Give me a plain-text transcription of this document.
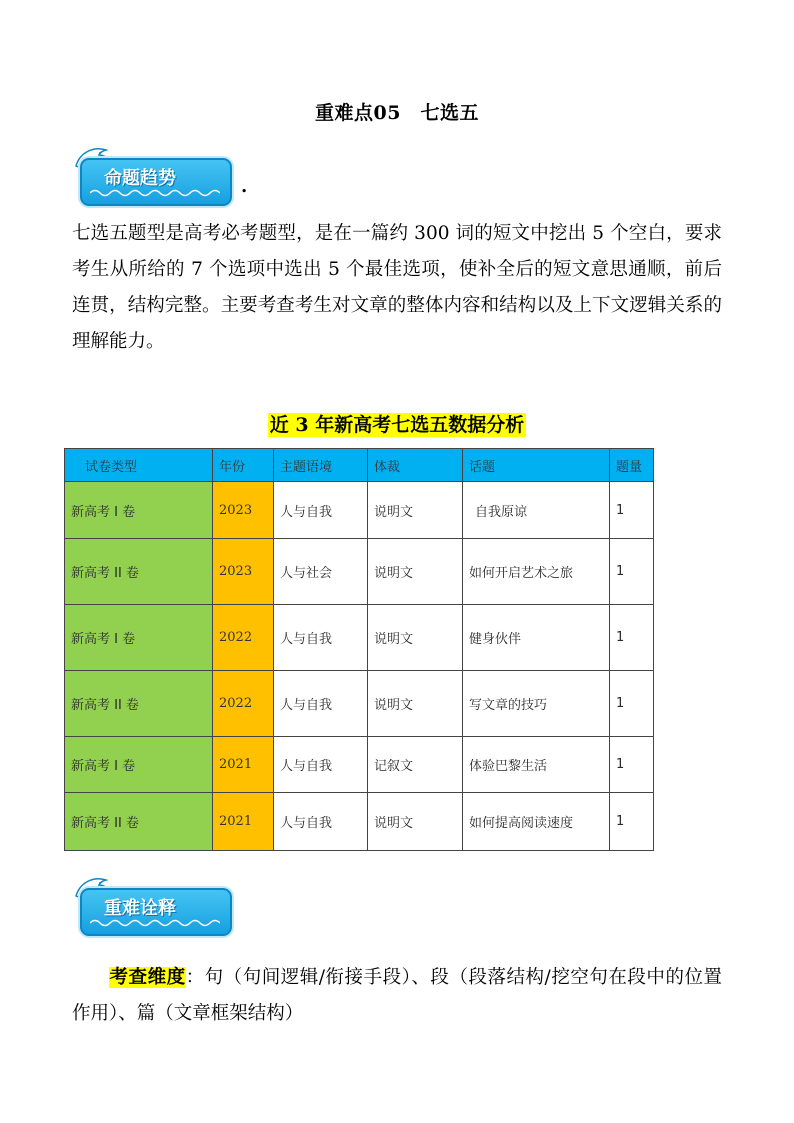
重难点05　七选五
命题趋势	.
七选五题型是高考必考题型，是在一篇约 300 词的短文中挖出 5 个空白，要求考生从所给的 7 个选项中选出 5 个最佳选项，使补全后的短文意思通顺，前后连贯，结构完整。主要考查考生对文章的整体内容和结构以及上下文逻辑关系的理解能力。
近 3 年新高考七选五数据分析
试卷类型	年份	主题语境	体裁	话题	题量
新高考 I 卷	2023	人与自我	说明文	自我原谅	1
新高考 II 卷	2023	人与社会	说明文	如何开启艺术之旅	1
新高考 I 卷	2022	人与自我	说明文	健身伙伴	1
新高考 II 卷	2022	人与自我	说明文	写文章的技巧	1
新高考 I 卷	2021	人与自我	记叙文	体验巴黎生活	1
新高考 II 卷	2021	人与自我	说明文	如何提高阅读速度	1
重难诠释
考查维度：句（句间逻辑/衔接手段）、段（段落结构/挖空句在段中的位置作用）、篇（文章框架结构）
